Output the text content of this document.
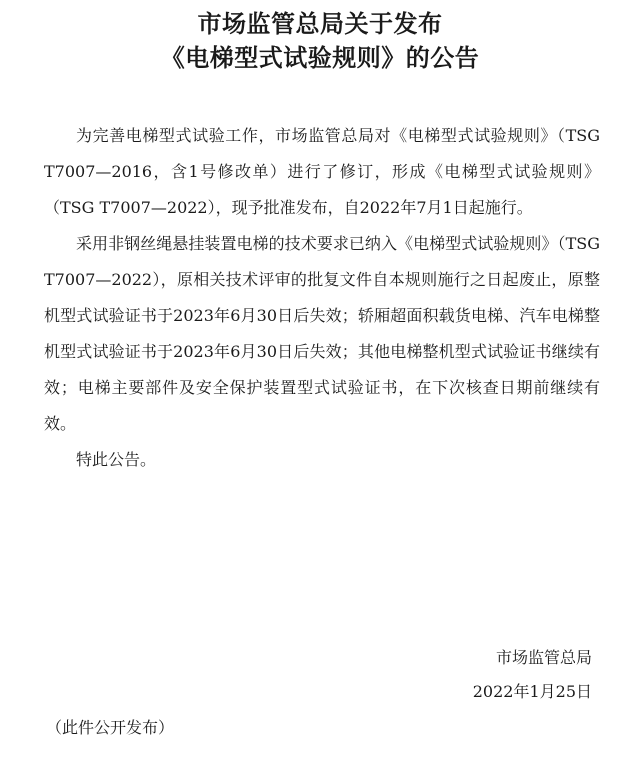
市场监管总局关于发布
《电梯型式试验规则》的公告

为完善电梯型式试验工作，市场监管总局对《电梯型式试验规则》（TSG T7007—2016，含1号修改单）进行了修订，形成《电梯型式试验规则》（TSG T7007—2022），现予批准发布，自2022年7月1日起施行。

采用非钢丝绳悬挂装置电梯的技术要求已纳入《电梯型式试验规则》（TSG T7007—2022），原相关技术评审的批复文件自本规则施行之日起废止，原整机型式试验证书于2023年6月30日后失效；轿厢超面积载货电梯、汽车电梯整机型式试验证书于2023年6月30日后失效；其他电梯整机型式试验证书继续有效；电梯主要部件及安全保护装置型式试验证书，在下次核查日期前继续有效。

特此公告。

市场监管总局
2022年1月25日
（此件公开发布）
